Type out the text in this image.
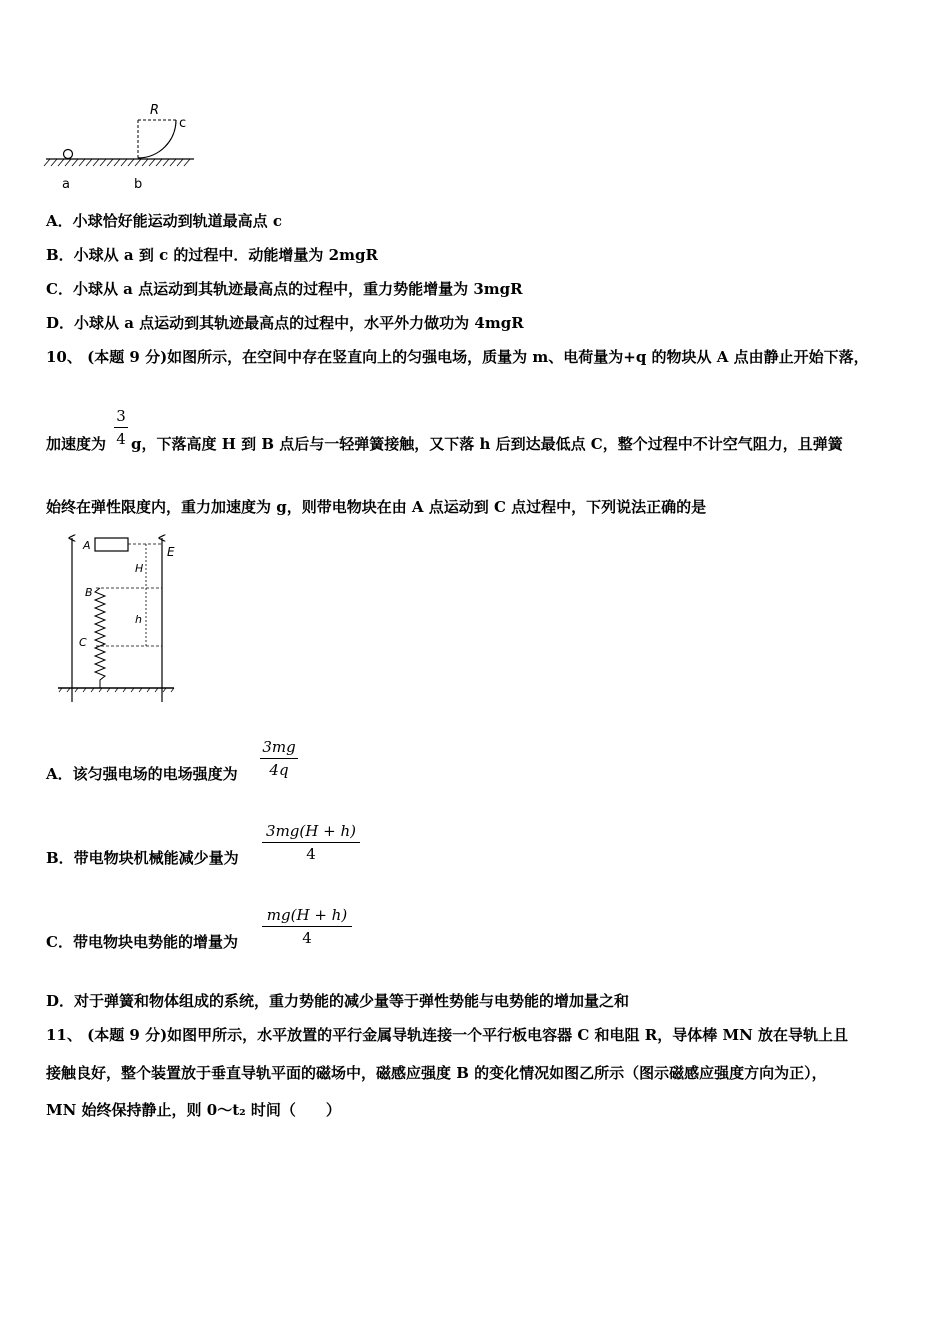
R
c
a	b
A．小球恰好能运动到轨道最高点 c
B．小球从 a 到 c 的过程中．动能增量为 2mgR
C．小球从 a 点运动到其轨迹最高点的过程中，重力势能增量为 3mgR
D．小球从 a 点运动到其轨迹最高点的过程中，水平外力做功为 4mgR
10、 (本题 9 分)如图所示，在空间中存在竖直向上的匀强电场，质量为 m、电荷量为+q 的物块从 A 点由静止开始下落，
加速度为
3
4 g，下落高度 H 到 B 点后与一轻弹簧接触，又下落 h 后到达最低点 C，整个过程中不计空气阻力，且弹簧
始终在弹性限度内，重力加速度为 g，则带电物块在由 A 点运动到 C 点过程中，下列说法正确的是
E
A
H
h
B
C
A．该匀强电场的电场强度为
3mg
4q
B．带电物块机械能减少量为
3mg(H + h)
4
C．带电物块电势能的增量为
mg(H + h)
4
D．对于弹簧和物体组成的系统，重力势能的减少量等于弹性势能与电势能的增加量之和
11、 (本题 9 分)如图甲所示，水平放置的平行金属导轨连接一个平行板电容器 C 和电阻 R，导体棒 MN 放在导轨上且
接触良好，整个装置放于垂直导轨平面的磁场中，磁感应强度 B 的变化情况如图乙所示（图示磁感应强度方向为正），
MN 始终保持静止，则 0～t₂ 时间（　　）
